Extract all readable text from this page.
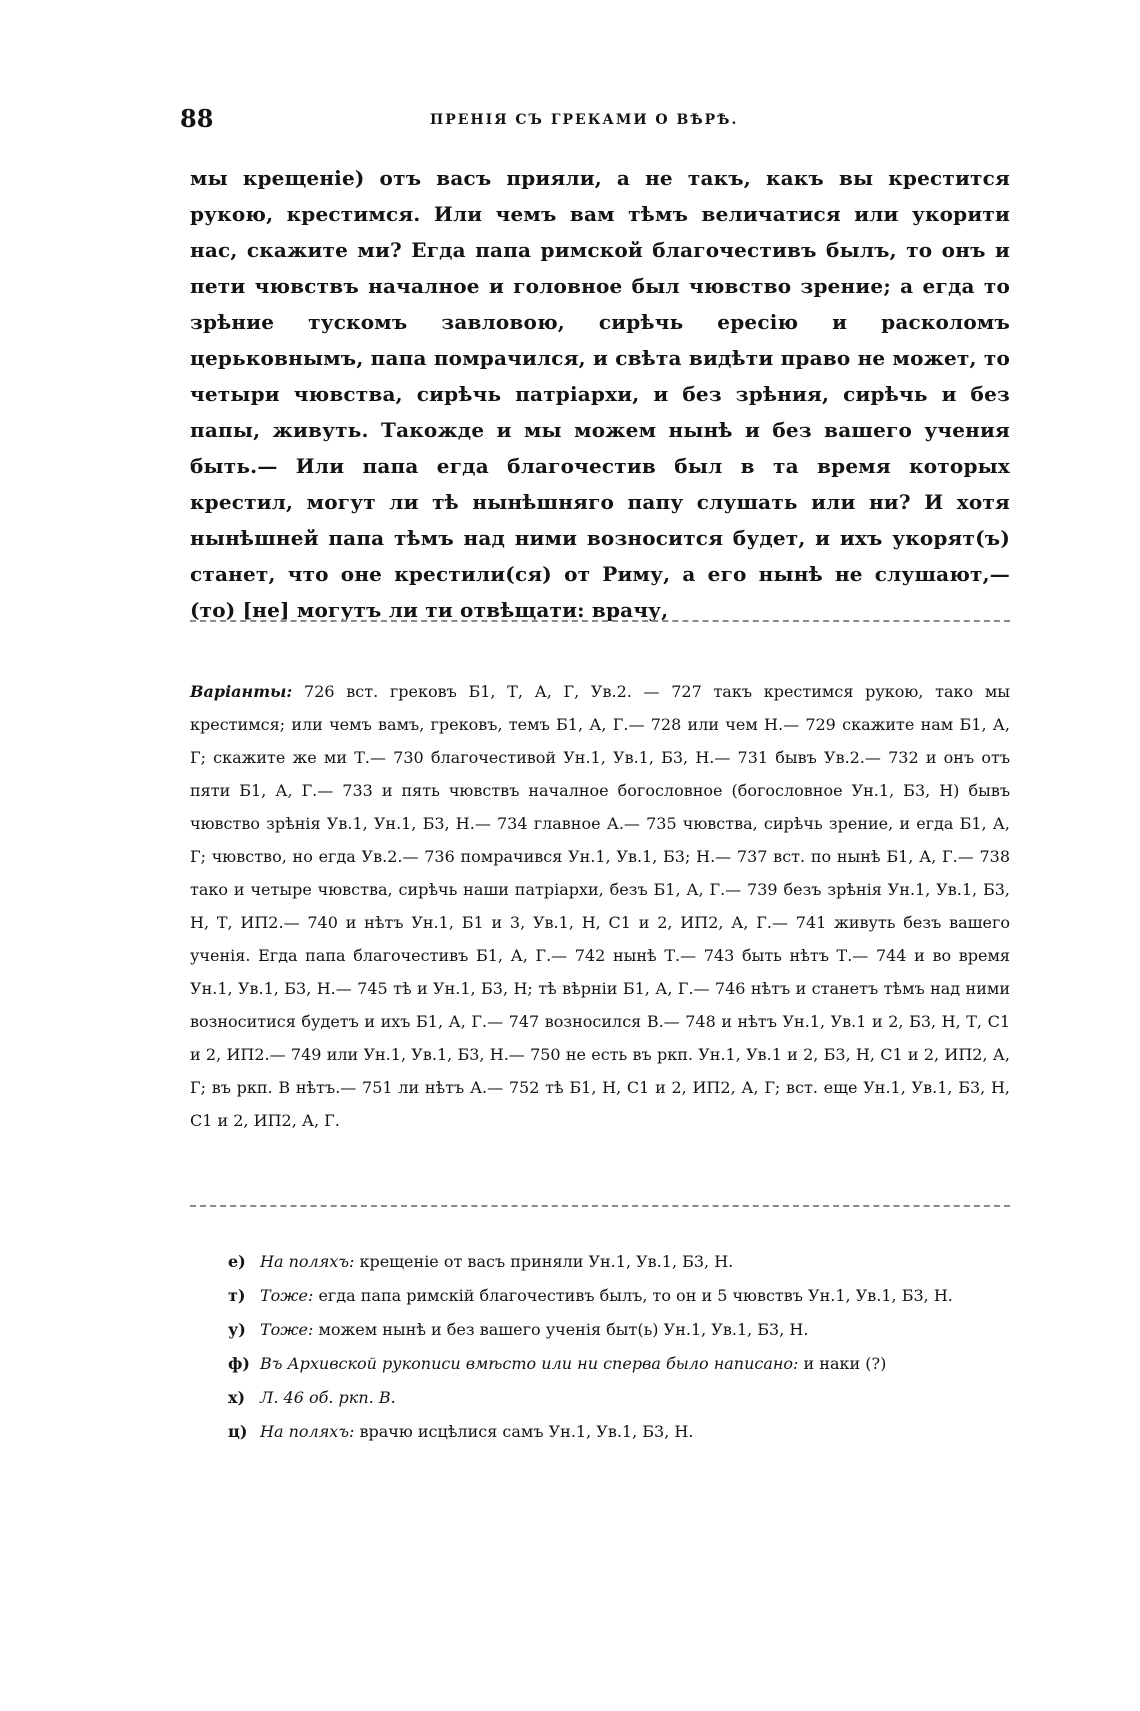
88	ПРЕНІЯ СЪ ГРЕКАМИ О ВѢРѢ.

мы крещеніе) отъ васъ прияли, а не такъ, какъ вы крестится рукою, крестимся. Или чемъ вам тѣмъ величатися или укорити нас, скажите ми? Егда папа римской благочестивъ былъ, то онъ и пети чювствъ началное и головное был чювство зрение; а егда то зрѣние тускомъ завловою, сирѣчь ересію и расколомъ церьковнымъ, папа помрачился, и свѣта видѣти право не может, то четыри чювства, сирѣчь патріархи, и без зрѣния, сирѣчь и без папы, живуть. Такожде и мы можем нынѣ и без вашего учения быть.— Или папа егда благочестив был в та время которых крестил, могут ли тѣ нынѣшняго папу слушать или ни? И хотя нынѣшней папа тѣмъ над ними возносится будет, и ихъ укорят(ъ) станет, что оне крестили(ся) от Риму, а его нынѣ не слушают,— (то) [не] могутъ ли ти отвѣщати: врачу,

Варіанты: 726 вст. грековъ Б1, Т, А, Г, Ув.2. — 727 такъ крестимся рукою, тако мы крестимся; или чемъ вамъ, грековъ, темъ Б1, А, Г.— 728 или чем Н.— 729 скажите нам Б1, А, Г; скажите же ми Т.— 730 благочестивой Ун.1, Ув.1, Б3, Н.— 731 бывъ Ув.2.— 732 и онъ отъ пяти Б1, А, Г.— 733 и пять чювствъ началное богословное (богословное Ун.1, Б3, Н) бывъ чювство зрѣнія Ув.1, Ун.1, Б3, Н.— 734 главное А.— 735 чювства, сирѣчь зрение, и егда Б1, А, Г; чювство, но егда Ув.2.— 736 помрачився Ун.1, Ув.1, Б3; Н.— 737 вст. по нынѣ Б1, А, Г.— 738 тако и четыре чювства, сирѣчь наши патріархи, безъ Б1, А, Г.— 739 безъ зрѣнія Ун.1, Ув.1, Б3, Н, Т, ИП2.— 740 и нѣтъ Ун.1, Б1 и 3, Ув.1, Н, С1 и 2, ИП2, А, Г.— 741 живуть безъ вашего ученія. Егда папа благочестивъ Б1, А, Г.— 742 нынѣ Т.— 743 быть нѣтъ Т.— 744 и во время Ун.1, Ув.1, Б3, Н.— 745 тѣ и Ун.1, Б3, Н; тѣ вѣрніи Б1, А, Г.— 746 нѣтъ и станетъ тѣмъ над ними возноситися будетъ и ихъ Б1, А, Г.— 747 возносился В.— 748 и нѣтъ Ун.1, Ув.1 и 2, Б3, Н, Т, С1 и 2, ИП2.— 749 или Ун.1, Ув.1, Б3, Н.— 750 не есть въ ркп. Ун.1, Ув.1 и 2, Б3, Н, С1 и 2, ИП2, А, Г; въ ркп. В нѣтъ.— 751 ли нѣтъ А.— 752 тѣ Б1, Н, С1 и 2, ИП2, А, Г; вст. еще Ун.1, Ув.1, Б3, Н, С1 и 2, ИП2, А, Г.

е) На поляхъ: крещеніе от васъ приняли Ун.1, Ув.1, Б3, Н.

т) Тоже: егда папа римскій благочестивъ былъ, то он и 5 чювствъ Ун.1, Ув.1, Б3, Н.

у) Тоже: можем нынѣ и без вашего ученія быт(ь) Ун.1, Ув.1, Б3, Н.

ф) Въ Архивской рукописи вмѣсто или ни сперва было написано: и наки (?)

х) Л. 46 об. ркп. В.

ц) На поляхъ: врачю исцѣлися самъ Ун.1, Ув.1, Б3, Н.
